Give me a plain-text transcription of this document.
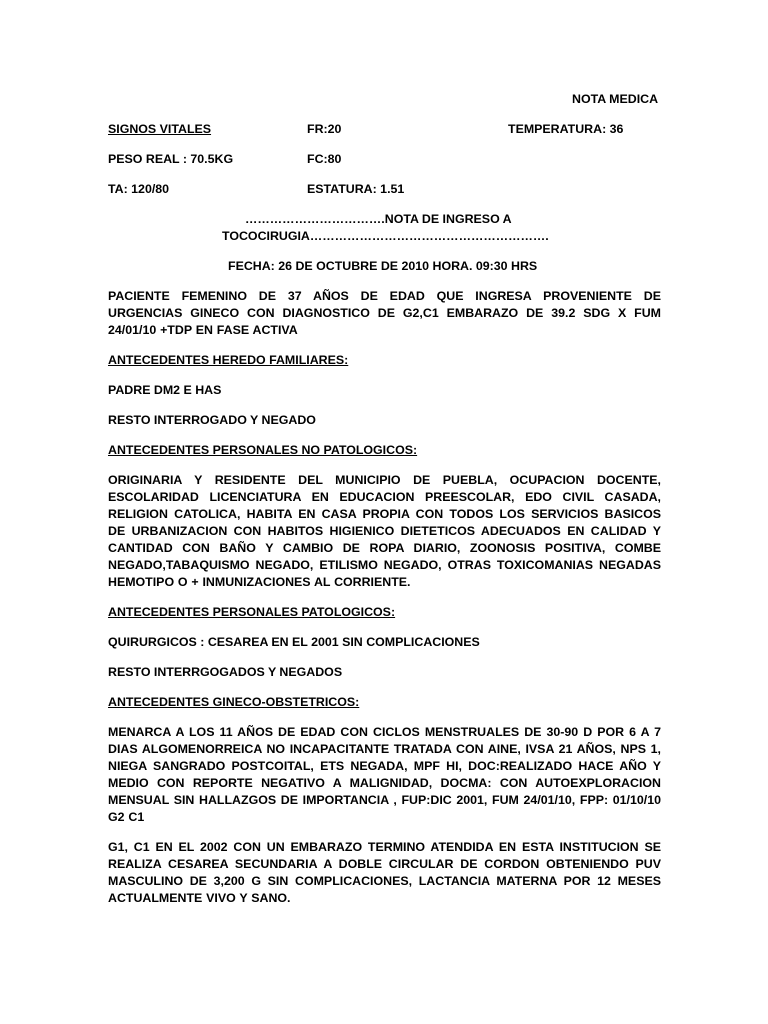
NOTA MEDICA
SIGNOS VITALES	FR:20	TEMPERATURA: 36
PESO REAL : 70.5KG	FC:80
TA: 120/80	ESTATURA: 1.51
…………………………….NOTA DE INGRESO A
TOCOCIRUGIA………………………………………………….
FECHA: 26 DE OCTUBRE DE 2010 HORA. 09:30 HRS
PACIENTE FEMENINO DE 37 AÑOS DE EDAD QUE INGRESA PROVENIENTE DE
URGENCIAS GINECO CON DIAGNOSTICO DE G2,C1 EMBARAZO DE 39.2 SDG X FUM
24/01/10 +TDP EN FASE ACTIVA
ANTECEDENTES HEREDO FAMILIARES:
PADRE DM2 E HAS
RESTO INTERROGADO Y NEGADO
ANTECEDENTES PERSONALES NO PATOLOGICOS:
ORIGINARIA Y RESIDENTE DEL MUNICIPIO DE PUEBLA, OCUPACION DOCENTE,
ESCOLARIDAD LICENCIATURA EN EDUCACION PREESCOLAR, EDO CIVIL CASADA,
RELIGION CATOLICA, HABITA EN CASA PROPIA CON TODOS LOS SERVICIOS BASICOS
DE URBANIZACION CON HABITOS HIGIENICO DIETETICOS ADECUADOS EN CALIDAD Y
CANTIDAD CON BAÑO Y CAMBIO DE ROPA DIARIO, ZOONOSIS POSITIVA, COMBE
NEGADO,TABAQUISMO NEGADO, ETILISMO NEGADO, OTRAS TOXICOMANIAS NEGADAS
HEMOTIPO O + INMUNIZACIONES AL CORRIENTE.
ANTECEDENTES PERSONALES PATOLOGICOS:
QUIRURGICOS : CESAREA EN EL 2001 SIN COMPLICACIONES
RESTO INTERRGOGADOS Y NEGADOS
ANTECEDENTES GINECO-OBSTETRICOS:
MENARCA A LOS 11 AÑOS DE EDAD CON CICLOS MENSTRUALES DE 30-90 D POR 6 A 7
DIAS ALGOMENORREICA NO INCAPACITANTE TRATADA CON AINE, IVSA 21 AÑOS, NPS 1,
NIEGA SANGRADO POSTCOITAL, ETS NEGADA, MPF HI, DOC:REALIZADO HACE AÑO Y
MEDIO CON REPORTE NEGATIVO A MALIGNIDAD, DOCMA: CON AUTOEXPLORACION
MENSUAL SIN HALLAZGOS DE IMPORTANCIA , FUP:DIC 2001, FUM 24/01/10, FPP: 01/10/10
G2 C1
G1, C1 EN EL 2002 CON UN EMBARAZO TERMINO ATENDIDA EN ESTA INSTITUCION SE
REALIZA CESAREA SECUNDARIA A DOBLE CIRCULAR DE CORDON OBTENIENDO PUV
MASCULINO DE 3,200 G SIN COMPLICACIONES, LACTANCIA MATERNA POR 12 MESES
ACTUALMENTE VIVO Y SANO.
